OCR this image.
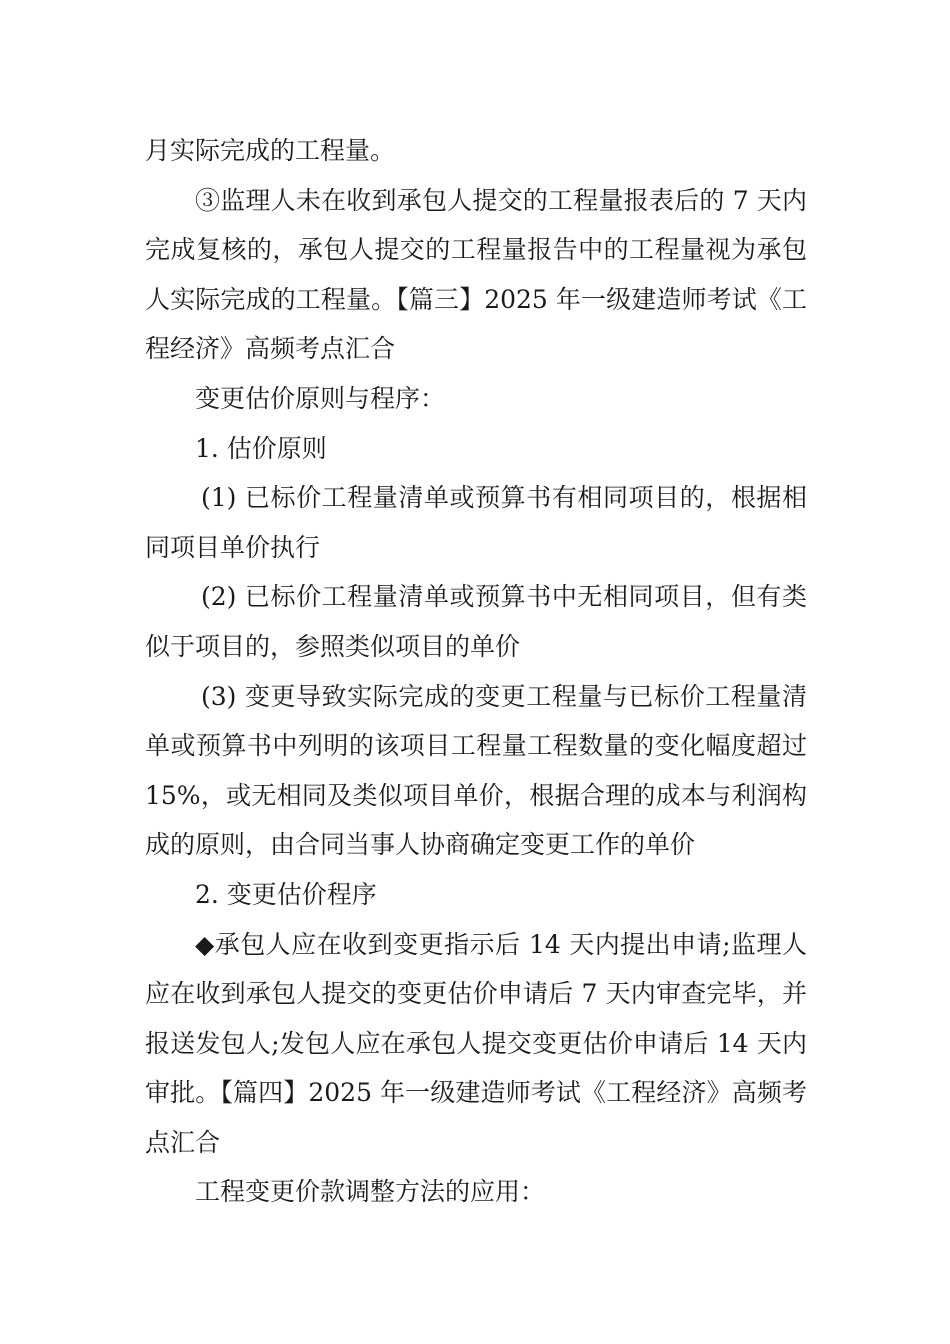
月实际完成的工程量。

③监理人未在收到承包人提交的工程量报表后的 7 天内完成复核的，承包人提交的工程量报告中的工程量视为承包人实际完成的工程量。【篇三】2025 年一级建造师考试《工程经济》高频考点汇合

变更估价原则与程序：

1. 估价原则

(1) 已标价工程量清单或预算书有相同项目的，根据相同项目单价执行

(2) 已标价工程量清单或预算书中无相同项目，但有类似于项目的，参照类似项目的单价

(3) 变更导致实际完成的变更工程量与已标价工程量清单或预算书中列明的该项目工程量工程数量的变化幅度超过 15%，或无相同及类似项目单价，根据合理的成本与利润构成的原则，由合同当事人协商确定变更工作的单价

2. 变更估价程序

◆承包人应在收到变更指示后 14 天内提出申请;监理人应在收到承包人提交的变更估价申请后 7 天内审查完毕，并报送发包人;发包人应在承包人提交变更估价申请后 14 天内审批。【篇四】2025 年一级建造师考试《工程经济》高频考点汇合

工程变更价款调整方法的应用：
